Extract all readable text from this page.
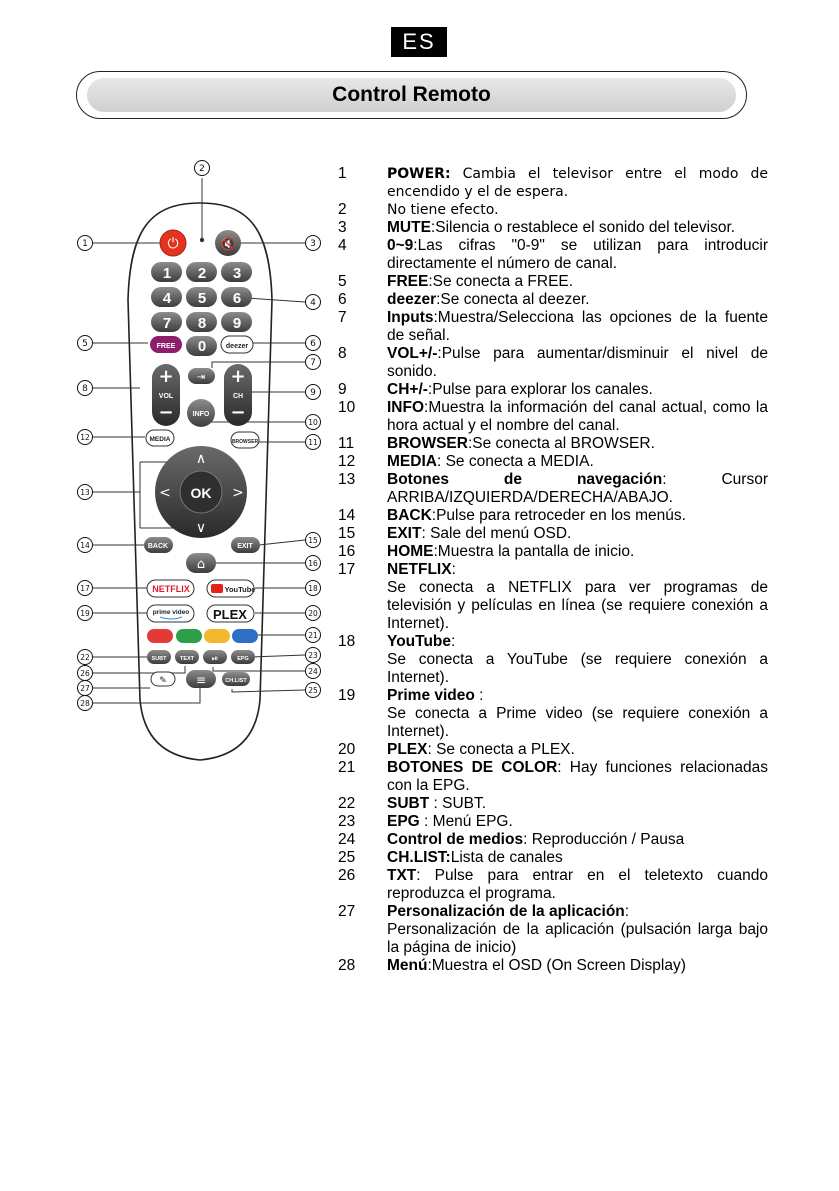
ES
Control Remoto
⏻	🔇
1 2 3
4 5 6
7 8 9
FREE 0	deezer
+
VOL
−
⇥ +
CH
−
INFO
MEDIA	BROWSER
OK
∧
∨
<	>
BACK	EXIT
⌂
NETFLIX	YouTube
prime video PLEX
SUBT TEXT ⏯	EPG
✎ ≡	CH.LIST
1
2
3
4
5	6
7
8	9
10
11
12
13
14
15
16
17	18
19	20
21
22	23
24
25
26
27
28
1	POWER: Cambia el televisor entre el modo de encendido y el de espera.
2	No tiene efecto.
3	MUTE:Silencia o restablece el sonido del televisor.
4	0~9:Las cifras "0-9" se utilizan para introducir directamente el número de canal.
5	FREE:Se conecta a FREE.
6	deezer:Se conecta al deezer.
7	Inputs:Muestra/Selecciona las opciones de la fuente de señal.
8	VOL+/-:Pulse para aumentar/disminuir el nivel de sonido.
9	CH+/-:Pulse para explorar los canales.
10	INFO:Muestra la información del canal actual, como la hora actual y el nombre del canal.
11	BROWSER:Se conecta al BROWSER.
12	MEDIA: Se conecta a MEDIA.
13	Botones de navegación: Cursor ARRIBA/IZQUIERDA/DERECHA/ABAJO.
14	BACK:Pulse para retroceder en los menús.
15	EXIT: Sale del menú OSD.
16	HOME:Muestra la pantalla de inicio.
17	NETFLIX:
Se conecta a NETFLIX para ver programas de televisión y películas en línea (se requiere conexión a Internet).
18	YouTube:
Se conecta a YouTube (se requiere conexión a Internet).
19	Prime video :
Se conecta a Prime video (se requiere conexión a Internet).
20	PLEX: Se conecta a PLEX.
21	BOTONES DE COLOR: Hay funciones relacionadas con la EPG.
22	SUBT : SUBT.
23	EPG : Menú EPG.
24	Control de medios: Reproducción / Pausa
25	CH.LIST:Lista de canales
26	TXT: Pulse para entrar en el teletexto cuando reproduzca el programa.
27	Personalización de la aplicación:
Personalización de la aplicación (pulsación larga bajo la página de inicio)
28	Menú:Muestra el OSD (On Screen Display)
